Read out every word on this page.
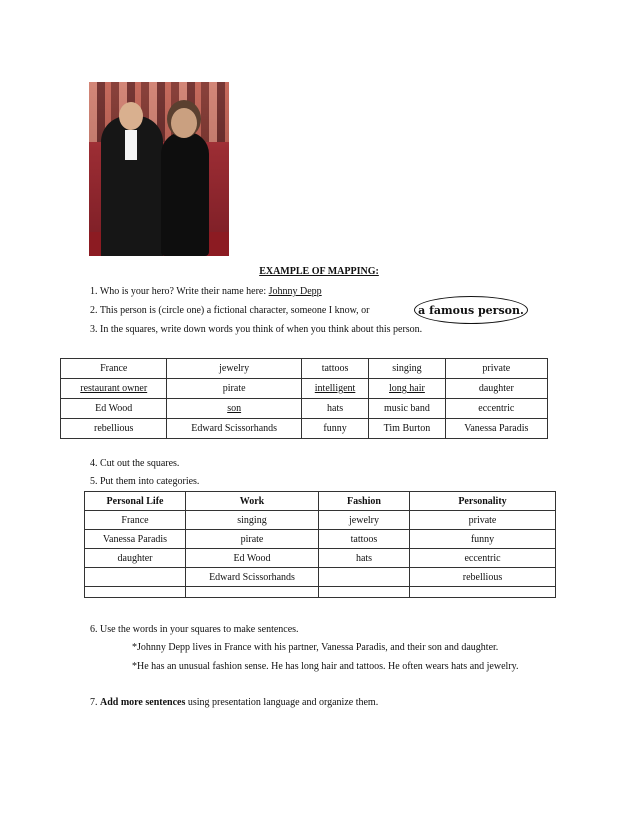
EXAMPLE OF MAPPING:
1. Who is your hero? Write their name here: Johnny Depp
2. This person is (circle one) a fictional character, someone I know, or	a famous person.
3. In the squares, write down words you think of when you think about this person.
France	jewelry	tattoos	singing	private
restaurant owner	pirate	intelligent	long hair	daughter
Ed Wood	son	hats	music band	eccentric
rebellious	Edward Scissorhands	funny	Tim Burton	Vanessa Paradis
4. Cut out the squares.
5. Put them into categories.
Personal Life	Work	Fashion	Personality
France	singing	jewelry	private
Vanessa Paradis	pirate	tattoos	funny
daughter	Ed Wood	hats	eccentric
	Edward Scissorhands		rebellious

6. Use the words in your squares to make sentences.
*Johnny Depp lives in France with his partner, Vanessa Paradis, and their son and daughter.
*He has an unusual fashion sense. He has long hair and tattoos. He often wears hats and jewelry.
7. Add more sentences using presentation language and organize them.
